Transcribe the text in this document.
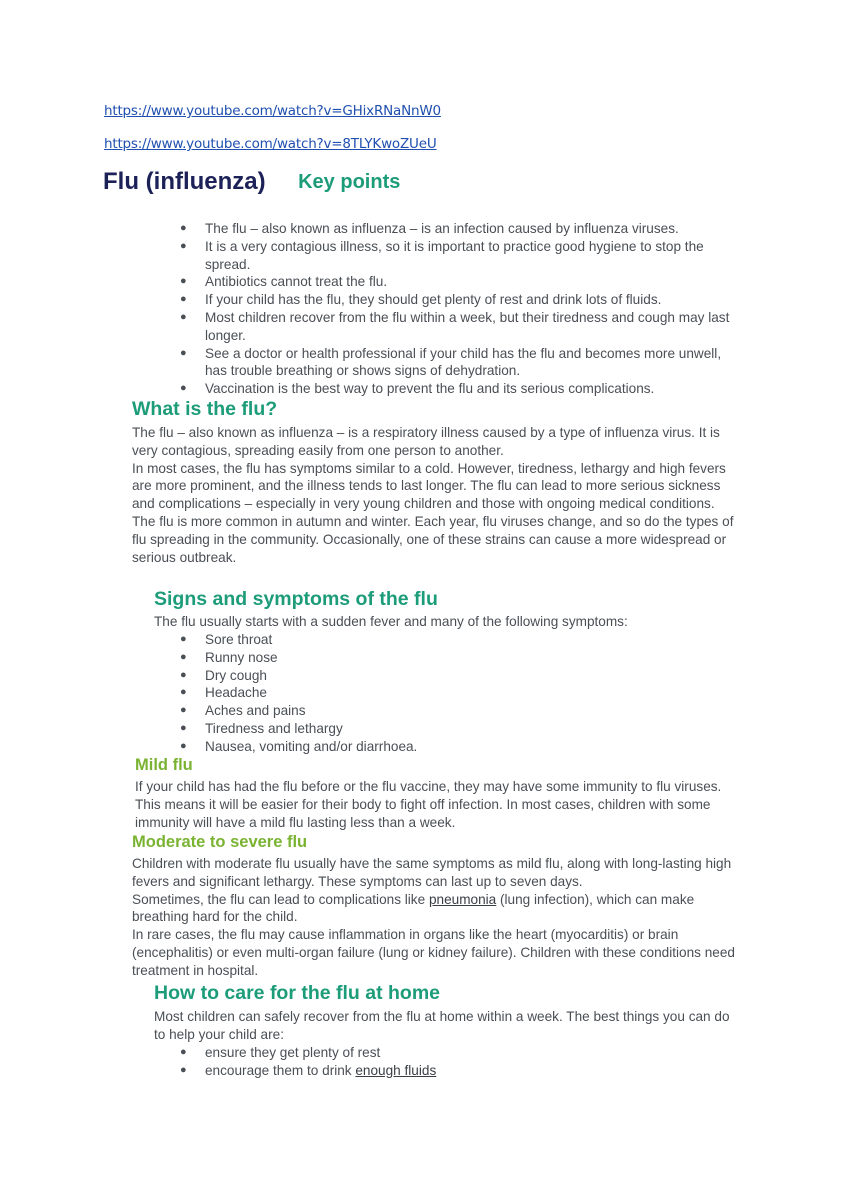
https://www.youtube.com/watch?v=GHixRNaNnW0
https://www.youtube.com/watch?v=8TLYKwoZUeU
Flu (influenza) Key points
● The flu – also known as influenza – is an infection caused by influenza viruses.
● It is a very contagious illness, so it is important to practice good hygiene to stop the spread.
● Antibiotics cannot treat the flu.
● If your child has the flu, they should get plenty of rest and drink lots of fluids.
● Most children recover from the flu within a week, but their tiredness and cough may last longer.
● See a doctor or health professional if your child has the flu and becomes more unwell, has trouble breathing or shows signs of dehydration.
● Vaccination is the best way to prevent the flu and its serious complications.
What is the flu?

The flu – also known as influenza – is a respiratory illness caused by a type of influenza virus. It is very contagious, spreading easily from one person to another.

In most cases, the flu has symptoms similar to a cold. However, tiredness, lethargy and high fevers are more prominent, and the illness tends to last longer. The flu can lead to more serious sickness and complications – especially in very young children and those with ongoing medical conditions.

The flu is more common in autumn and winter. Each year, flu viruses change, and so do the types of flu spreading in the community. Occasionally, one of these strains can cause a more widespread or serious outbreak.

Signs and symptoms of the flu
The flu usually starts with a sudden fever and many of the following symptoms:
● Sore throat
● Runny nose
● Dry cough
● Headache
● Aches and pains
● Tiredness and lethargy
● Nausea, vomiting and/or diarrhoea.
Mild flu
If your child has had the flu before or the flu vaccine, they may have some immunity to flu viruses. This means it will be easier for their body to fight off infection. In most cases, children with some immunity will have a mild flu lasting less than a week.
Moderate to severe flu

Children with moderate flu usually have the same symptoms as mild flu, along with long-lasting high fevers and significant lethargy. These symptoms can last up to seven days.

Sometimes, the flu can lead to complications like pneumonia (lung infection), which can make breathing hard for the child.

In rare cases, the flu may cause inflammation in organs like the heart (myocarditis) or brain (encephalitis) or even multi-organ failure (lung or kidney failure). Children with these conditions need treatment in hospital.

How to care for the flu at home
Most children can safely recover from the flu at home within a week. The best things you can do to help your child are:
● ensure they get plenty of rest
● encourage them to drink enough fluids
